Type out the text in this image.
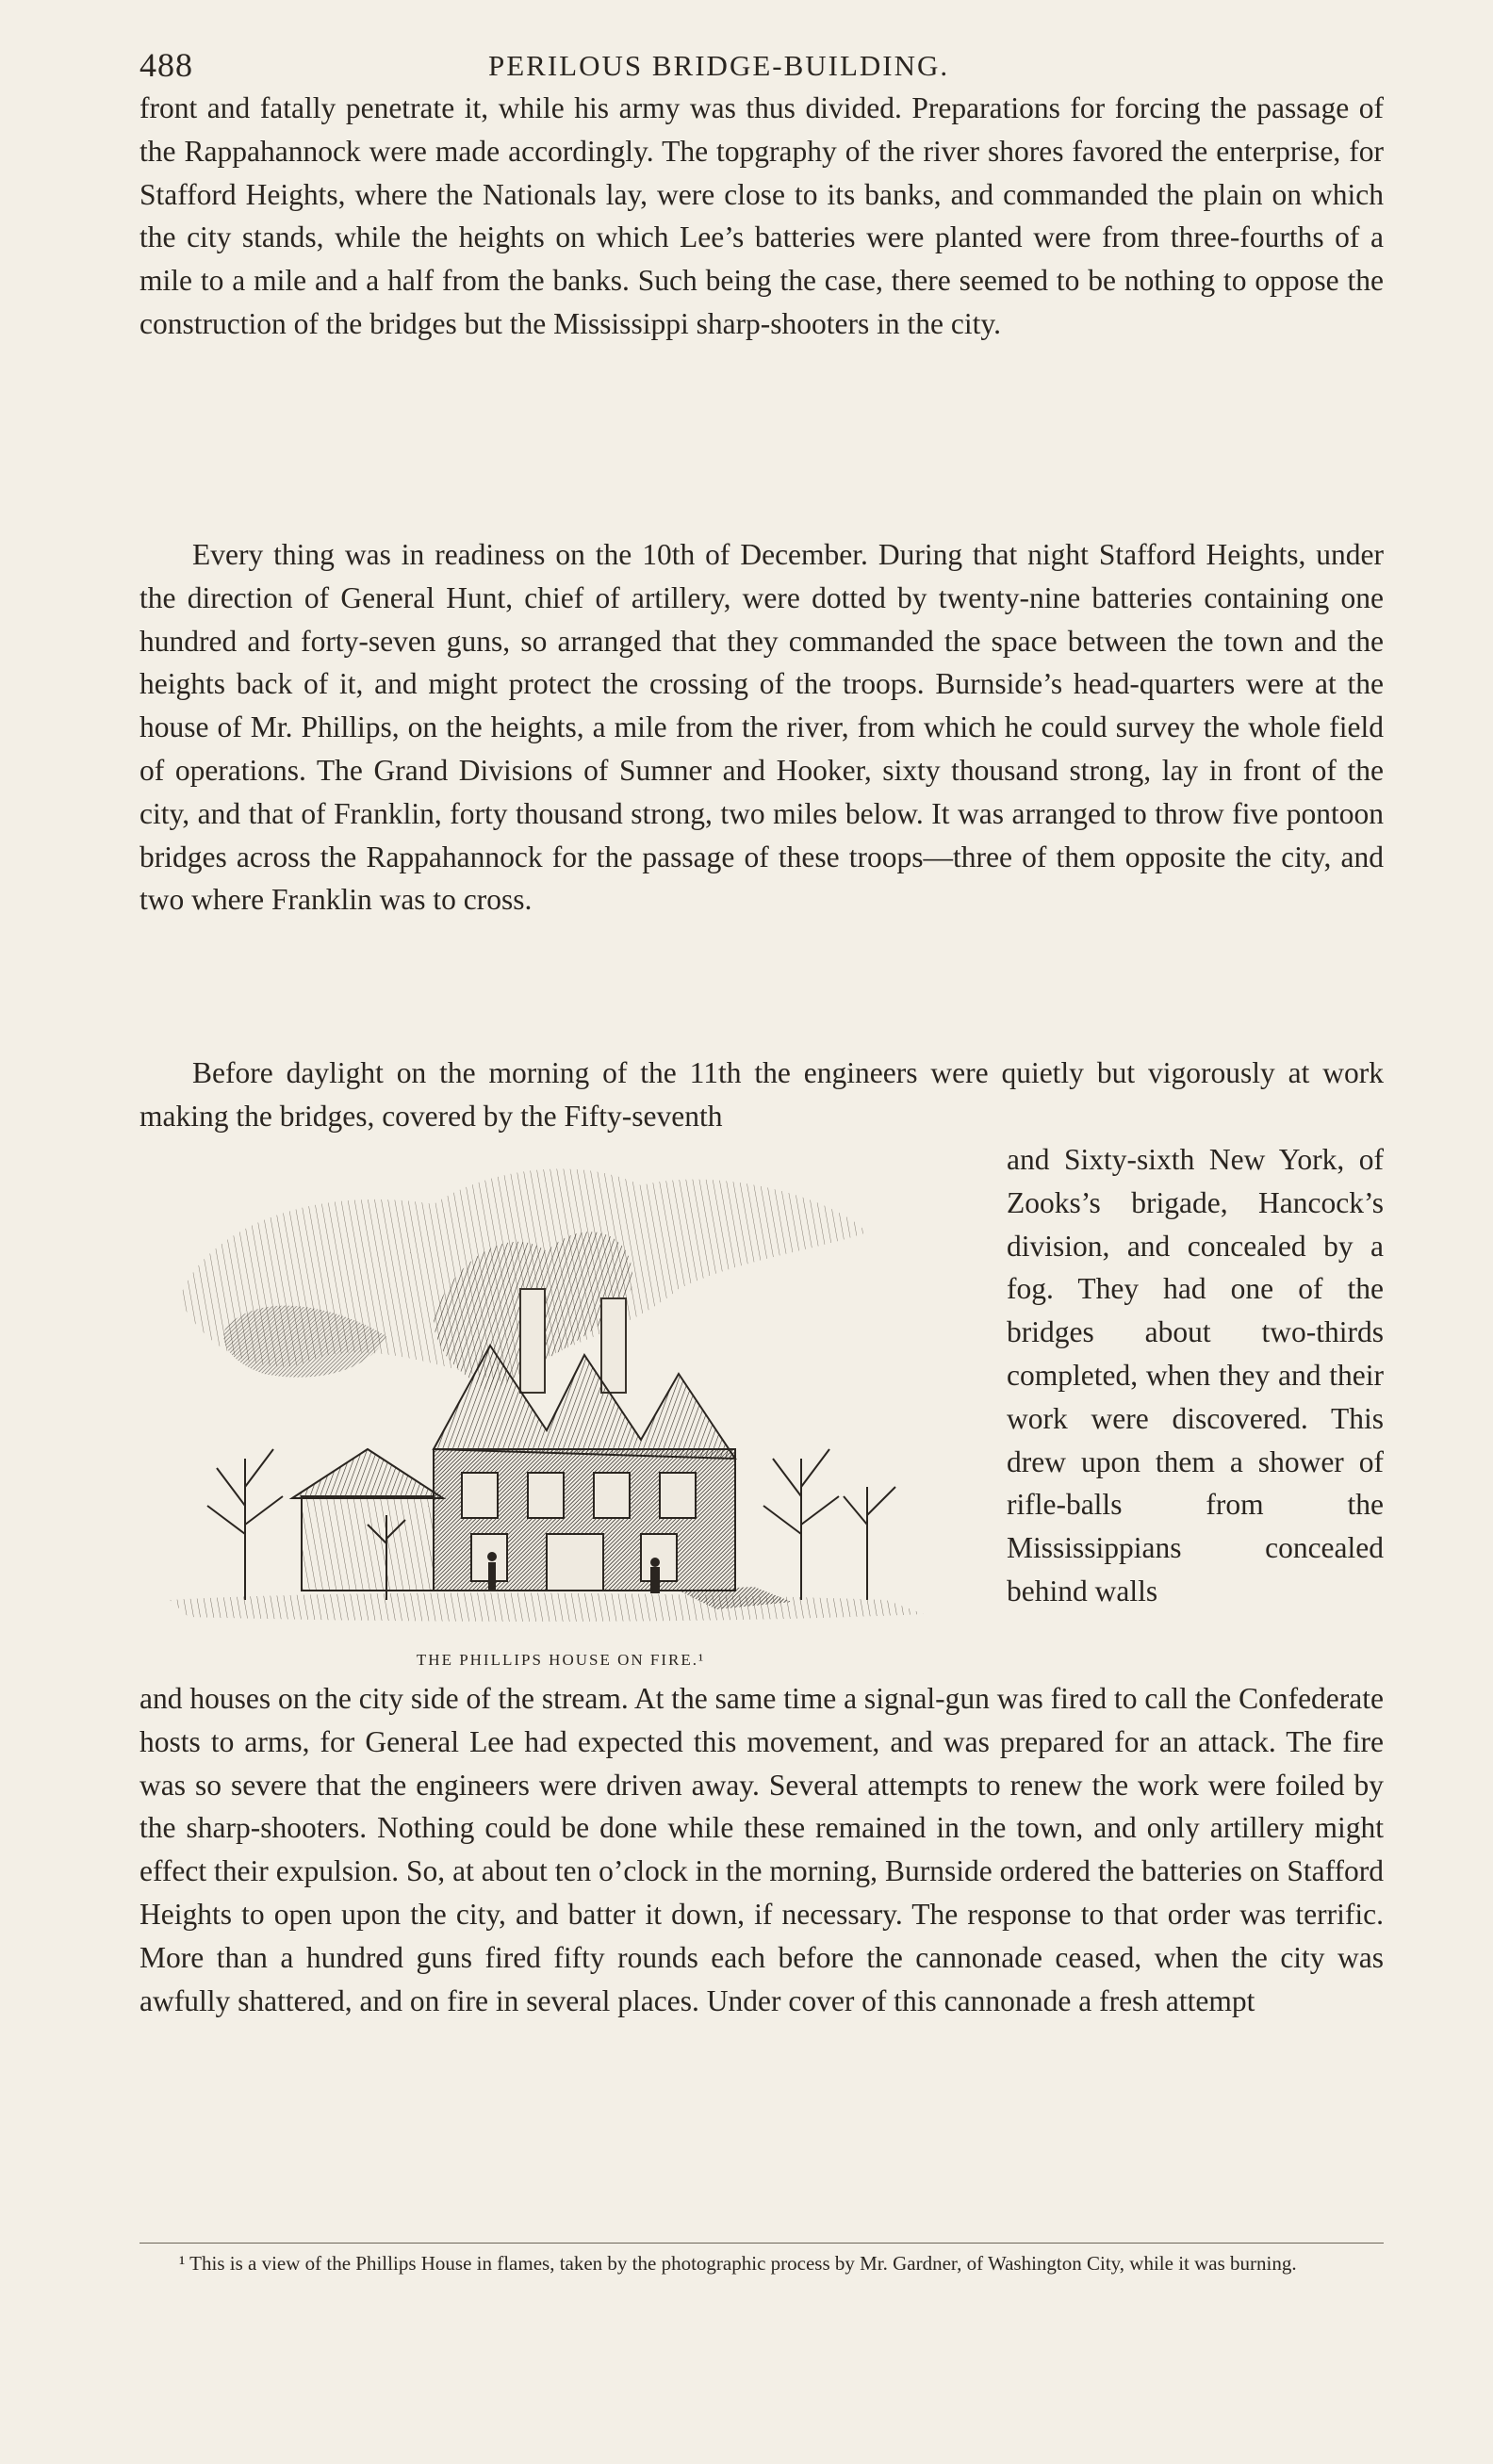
488	PERILOUS BRIDGE-BUILDING.

front and fatally penetrate it, while his army was thus divided. Preparations for forcing the passage of the Rappahannock were made accordingly. The topgraphy of the river shores favored the enterprise, for Stafford Heights, where the Nationals lay, were close to its banks, and commanded the plain on which the city stands, while the heights on which Lee’s batteries were planted were from three-fourths of a mile to a mile and a half from the banks. Such being the case, there seemed to be nothing to oppose the construction of the bridges but the Mississippi sharp-shooters in the city.

Every thing was in readiness on the 10th of December. During that night Stafford Heights, under the direction of General Hunt, chief of artillery, were dotted by twenty-nine batteries containing one hundred and forty-seven guns, so arranged that they commanded the space between the town and the heights back of it, and might protect the crossing of the troops. Burnside’s head-quarters were at the house of Mr. Phillips, on the heights, a mile from the river, from which he could survey the whole field of operations. The Grand Divisions of Sumner and Hooker, sixty thousand strong, lay in front of the city, and that of Franklin, forty thousand strong, two miles below. It was arranged to throw five pontoon bridges across the Rappahannock for the passage of these troops—three of them opposite the city, and two where Franklin was to cross.

Before daylight on the morning of the 11th the engineers were quietly but vigorously at work making the bridges, covered by the Fifty-seventh

and Sixty-sixth New York, of Zooks’s brigade, Hancock’s division, and concealed by a fog. They had one of the bridges about two-thirds completed, when they and their work were discovered. This drew upon them a shower of rifle-balls from the Mississippians concealed behind walls

THE PHILLIPS HOUSE ON FIRE.¹

and houses on the city side of the stream. At the same time a signal-gun was fired to call the Confederate hosts to arms, for General Lee had expected this movement, and was prepared for an attack. The fire was so severe that the engineers were driven away. Several attempts to renew the work were foiled by the sharp-shooters. Nothing could be done while these remained in the town, and only artillery might effect their expulsion. So, at about ten o’clock in the morning, Burnside ordered the batteries on Stafford Heights to open upon the city, and batter it down, if necessary. The response to that order was terrific. More than a hundred guns fired fifty rounds each before the cannonade ceased, when the city was awfully shattered, and on fire in several places. Under cover of this cannonade a fresh attempt

¹ This is a view of the Phillips House in flames, taken by the photographic process by Mr. Gardner, of Washington City, while it was burning.
